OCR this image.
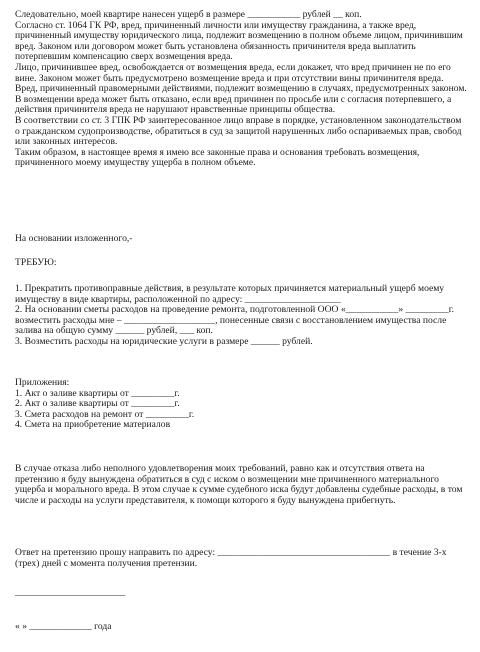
Следовательно, моей квартире нанесен ущерб в размере ___________ рублей __ коп.

Согласно ст. 1064 ГК РФ, вред, причиненный личности или имуществу гражданина, а также вред, причиненный имуществу юридического лица, подлежит возмещению в полном объеме лицом, причинившим вред. Законом или договором может быть установлена обязанность причинителя вреда выплатить потерпевшим компенсацию сверх возмещения вреда.

Лицо, причинившее вред, освобождается от возмещения вреда, если докажет, что вред причинен не по его вине. Законом может быть предусмотрено возмещение вреда и при отсутствии вины причинителя вреда.

Вред, причиненный правомерными действиями, подлежит возмещению в случаях, предусмотренных законом.

В возмещении вреда может быть отказано, если вред причинен по просьбе или с согласия потерпевшего, а действия причинителя вреда не нарушают нравственные принципы общества.

В соответствии со ст. 3 ГПК РФ заинтересованное лицо вправе в порядке, установленном законодательством о гражданском судопроизводстве, обратиться в суд за защитой нарушенных либо оспариваемых прав, свобод или законных интересов.

Таким образом, в настоящее время я имею все законные права и основания требовать возмещения, причиненного моему имуществу ущерба в полном объеме.

На основании изложенного,-

ТРЕБУЮ:

1. Прекратить противоправные действия, в результате которых причиняется материальный ущерб моему имуществу в виде квартиры, расположенной по адресу: ____________________

2. На основании сметы расходов на проведение ремонта, подготовленной ООО «___________» _________г. возместить расходы мне – ___________________, понесенные связи с восстановлением имущества после залива на общую сумму ______ рублей, ___ коп.

3. Возместить расходы на юридические услуги в размере ______ рублей.

Приложения:

1. Акт о заливе квартиры от _________г.

2. Акт о заливе квартиры от _________г.

3. Смета расходов на ремонт от _________г.

4. Смета на приобретение материалов

В случае отказа либо неполного удовлетворения моих требований, равно как и отсутствия ответа на претензию я буду вынуждена обратиться в суд с иском о возмещении мне причиненного материального ущерба и морального вреда. В этом случае к сумме судебного иска будут добавлены судебные расходы, в том числе и расходы на услуги представителя, к помощи которого я буду вынуждена прибегнуть.

Ответ на претензию прошу направить по адресу: ____________________________________ в течение 3-х (трех) дней с момента получения претензии.

_______________________

« » _____________ года
